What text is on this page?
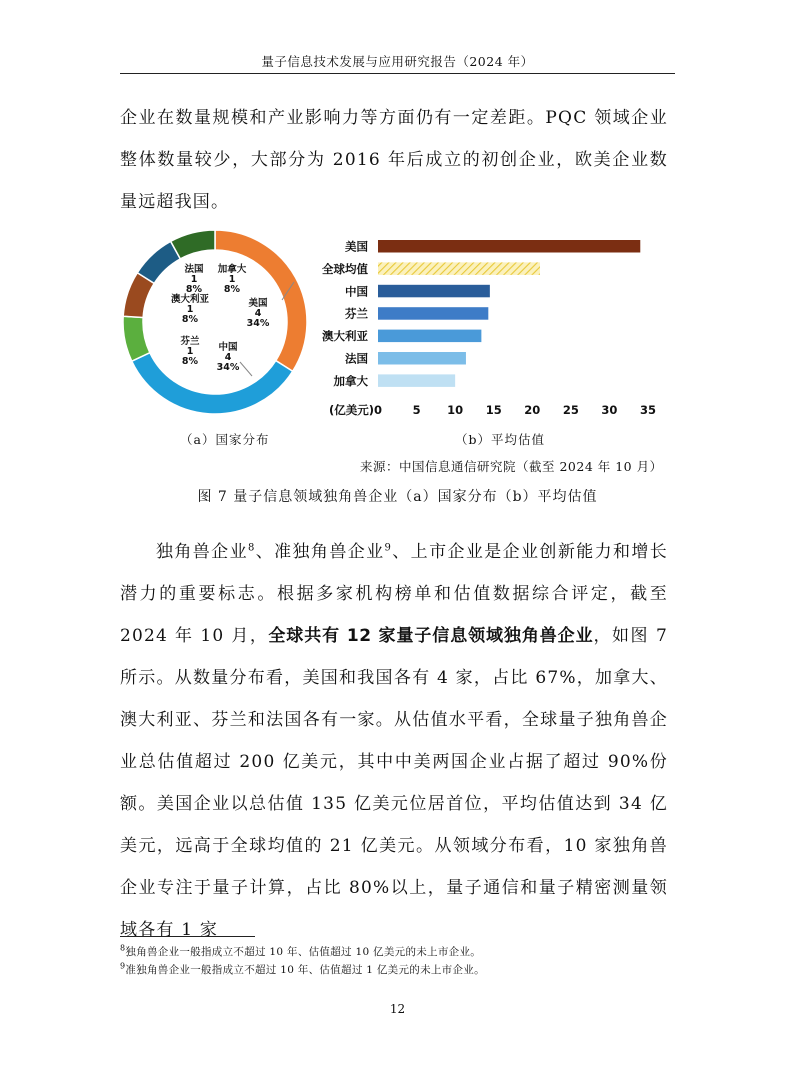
量子信息技术发展与应用研究报告（2024 年）

企业在数量规模和产业影响力等方面仍有一定差距。PQC 领域企业整体数量较少，大部分为 2016 年后成立的初创企业，欧美企业数量远超我国。

美国
4
34%
中国
4
34%
芬兰
1
8%
澳大利亚
1
8%
法国
1
8%
加拿大
1
8%
美国
全球均值
中国
芬兰
澳大利亚
法国
加拿大
(亿美元) 0	5 10 15 20 25 30 35
（a）国家分布	（b）平均估值
来源：中国信息通信研究院（截至 2024 年 10 月）
图 7 量子信息领域独角兽企业（a）国家分布（b）平均估值

独角兽企业$^8$、准独角兽企业$^9$、上市企业是企业创新能力和增长潜力的重要标志。根据多家机构榜单和估值数据综合评定，截至 2024 年 10 月，全球共有 12 家量子信息领域独角兽企业，如图 7 所示。从数量分布看，美国和我国各有 4 家，占比 67%，加拿大、澳大利亚、芬兰和法国各有一家。从估值水平看，全球量子独角兽企业总估值超过 200 亿美元，其中中美两国企业占据了超过 90%份额。美国企业以总估值 135 亿美元位居首位，平均估值达到 34 亿美元，远高于全球均值的 21 亿美元。从领域分布看，10 家独角兽企业专注于量子计算，占比 80%以上，量子通信和量子精密测量领域各有 1 家

$^8$独角兽企业一般指成立不超过 10 年、估值超过 10 亿美元的未上市企业。
$^9$准独角兽企业一般指成立不超过 10 年、估值超过 1 亿美元的未上市企业。
12
